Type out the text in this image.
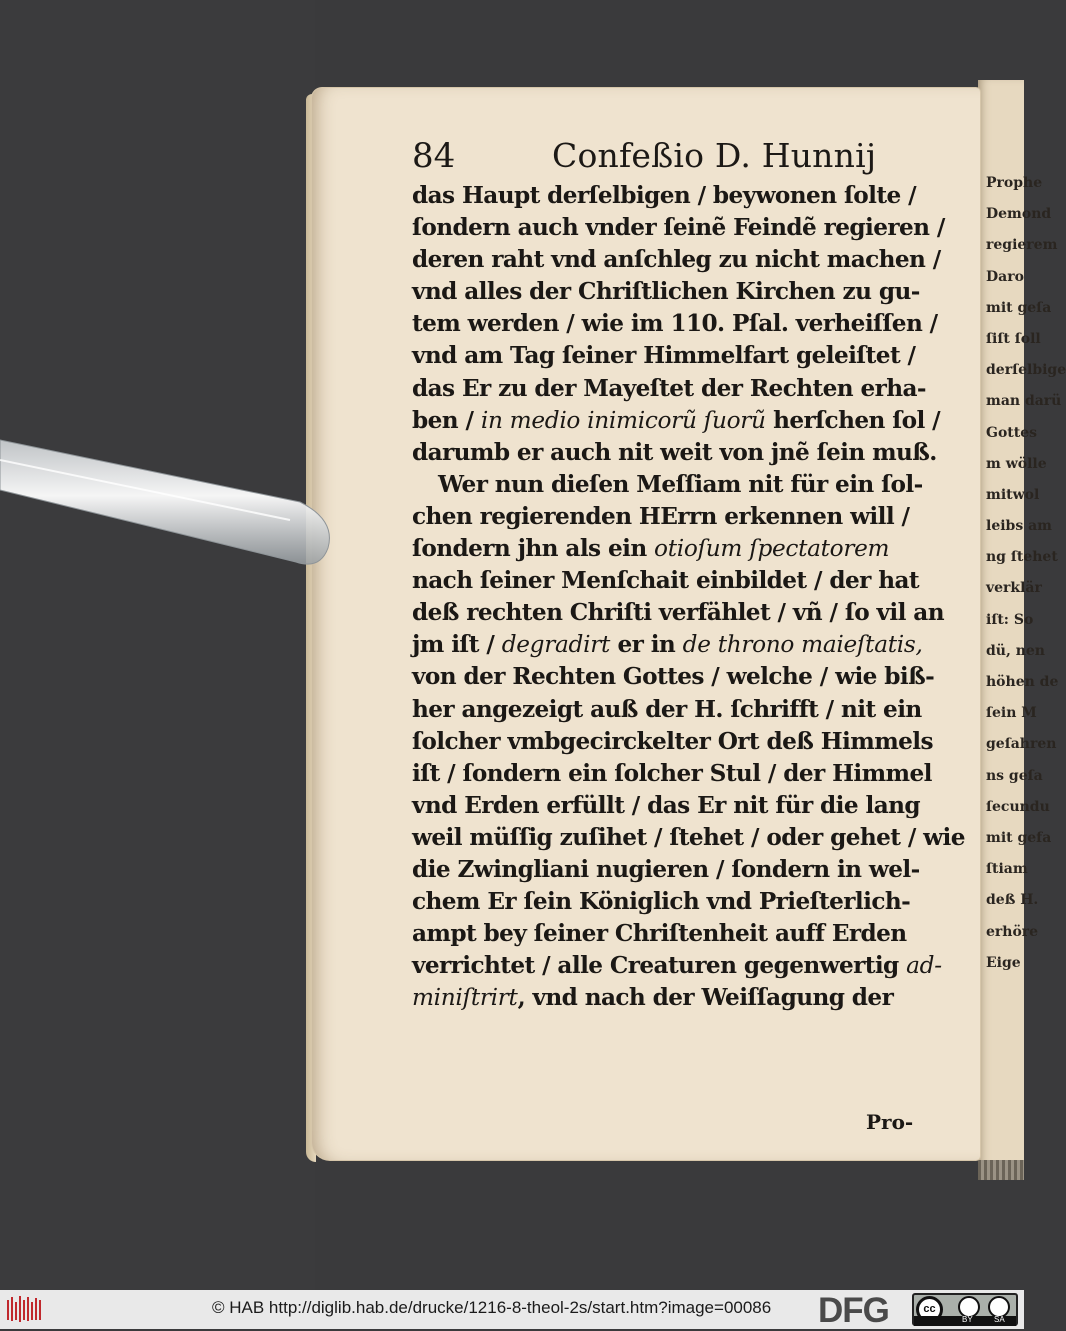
Prophe
Demond
regierem
Daro
mit geſa
ſiſt ſoll
derſelbige
man darü
Gottes
m wölle
mitwol
leibs am
ng ſtehet
verklär
iſt: So
dü, nen
höhen de
ſein M
geſahren
ns geſa
ſecundu
mit gefa
ſtiam
deß H.
erhöre
Eige
84	Confeßio D. Hunnij
das Haupt derſelbigen / beywonen ſolte /
ſondern auch vnder ſeinẽ Feindẽ regieren /
deren raht vnd anſchleg zu nicht machen /
vnd alles der Chriſtlichen Kirchen zu gu-
tem werden / wie im 110. Pſal. verheiſſen /
vnd am Tag ſeiner Himmelfart geleiſtet /
das Er zu der Mayeſtet der Rechten erha-
ben / in medio inimicorũ ſuorũ herſchen ſol /
darumb er auch nit weit von jnẽ ſein muß.
Wer nun dieſen Meſſiam nit für ein ſol-
chen regierenden HErrn erkennen will /
ſondern jhn als ein otioſum ſpectatorem
nach ſeiner Menſchait einbildet / der hat
deß rechten Chriſti verfählet / vñ / ſo vil an
jm iſt / degradirt er in de throno maieſtatis,
von der Rechten Gottes / welche / wie biß-
her angezeigt auß der H. ſchrifft / nit ein
ſolcher vmbgecirckelter Ort deß Himmels
iſt / ſondern ein ſolcher Stul / der Himmel
vnd Erden erfüllt / das Er nit für die lang
weil müſſig zuſihet / ſtehet / oder gehet / wie
die Zwingliani nugieren / ſondern in wel-
chem Er ſein Königlich vnd Prieſterlich-
ampt bey ſeiner Chriſtenheit auff Erden
verrichtet / alle Creaturen gegenwertig ad-
miniſtrirt, vnd nach der Weiſſagung der
Pro-
© HAB http://diglib.hab.de/drucke/1216-8-theol-2s/start.htm?image=00086 DFG	cc
BY	SA
